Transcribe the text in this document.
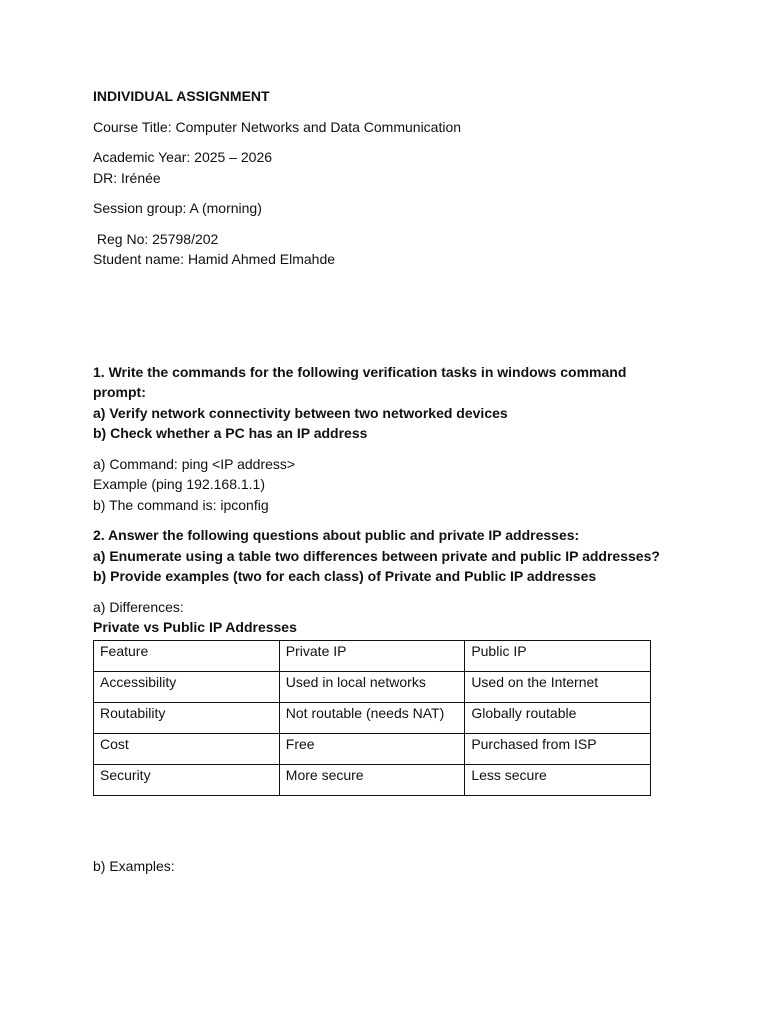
INDIVIDUAL ASSIGNMENT

Course Title: Computer Networks and Data Communication

Academic Year: 2025 – 2026

DR: Irénée

Session group: A (morning)

Reg No: 25798/202

Student name: Hamid Ahmed Elmahde

1. Write the commands for the following verification tasks in windows command prompt:

a) Verify network connectivity between two networked devices

b) Check whether a PC has an IP address

a) Command: ping <IP address>

Example (ping 192.168.1.1)

b) The command is: ipconfig

2. Answer the following questions about public and private IP addresses:

a) Enumerate using a table two differences between private and public IP addresses?

b) Provide examples (two for each class) of Private and Public IP addresses

a) Differences:

Private vs Public IP Addresses

Feature	Private IP	Public IP
Accessibility	Used in local networks	Used on the Internet
Routability	Not routable (needs NAT)	Globally routable
Cost	Free	Purchased from ISP
Security	More secure	Less secure

b) Examples:
